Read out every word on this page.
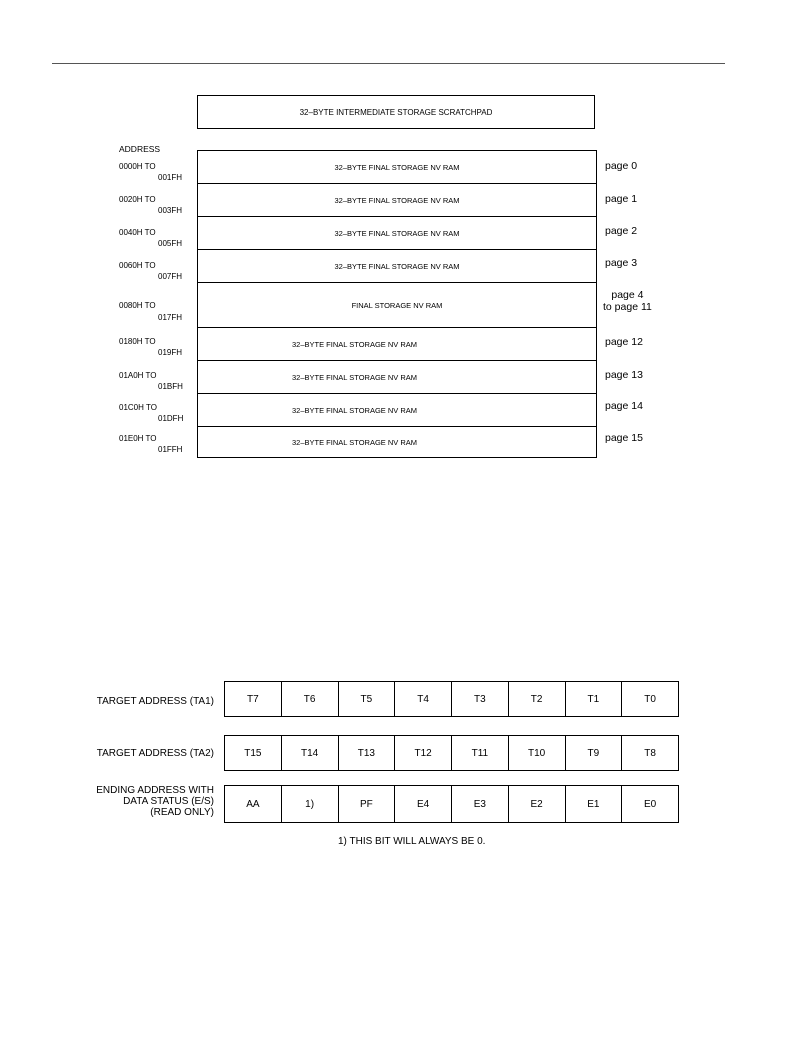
32–BYTE INTERMEDIATE STORAGE SCRATCHPAD
ADDRESS
0000H TO
001FH
32–BYTE FINAL STORAGE NV RAM	page 0
0020H TO
003FH
32–BYTE FINAL STORAGE NV RAM	page 1
0040H TO
005FH
32–BYTE FINAL STORAGE NV RAM	page 2
0060H TO
007FH
32–BYTE FINAL STORAGE NV RAM	page 3
0080H TO
017FH
FINAL STORAGE NV RAM
page 4
to page 11
0180H TO
019FH
32–BYTE FINAL STORAGE NV RAM	page 12
01A0H TO
01BFH
32–BYTE FINAL STORAGE NV RAM	page 13
01C0H TO
01DFH
32–BYTE FINAL STORAGE NV RAM	page 14
01E0H TO
01FFH
32–BYTE FINAL STORAGE NV RAM	page 15
TARGET ADDRESS (TA1)	T7	T6	T5	T4	T3	T2	T1	T0
TARGET ADDRESS (TA2)	T15	T14	T13	T12	T11	T10	T9	T8
ENDING ADDRESS WITH
DATA STATUS (E/S)
(READ ONLY)
AA	1)	PF	E4	E3	E2	E1	E0
1) THIS BIT WILL ALWAYS BE 0.
